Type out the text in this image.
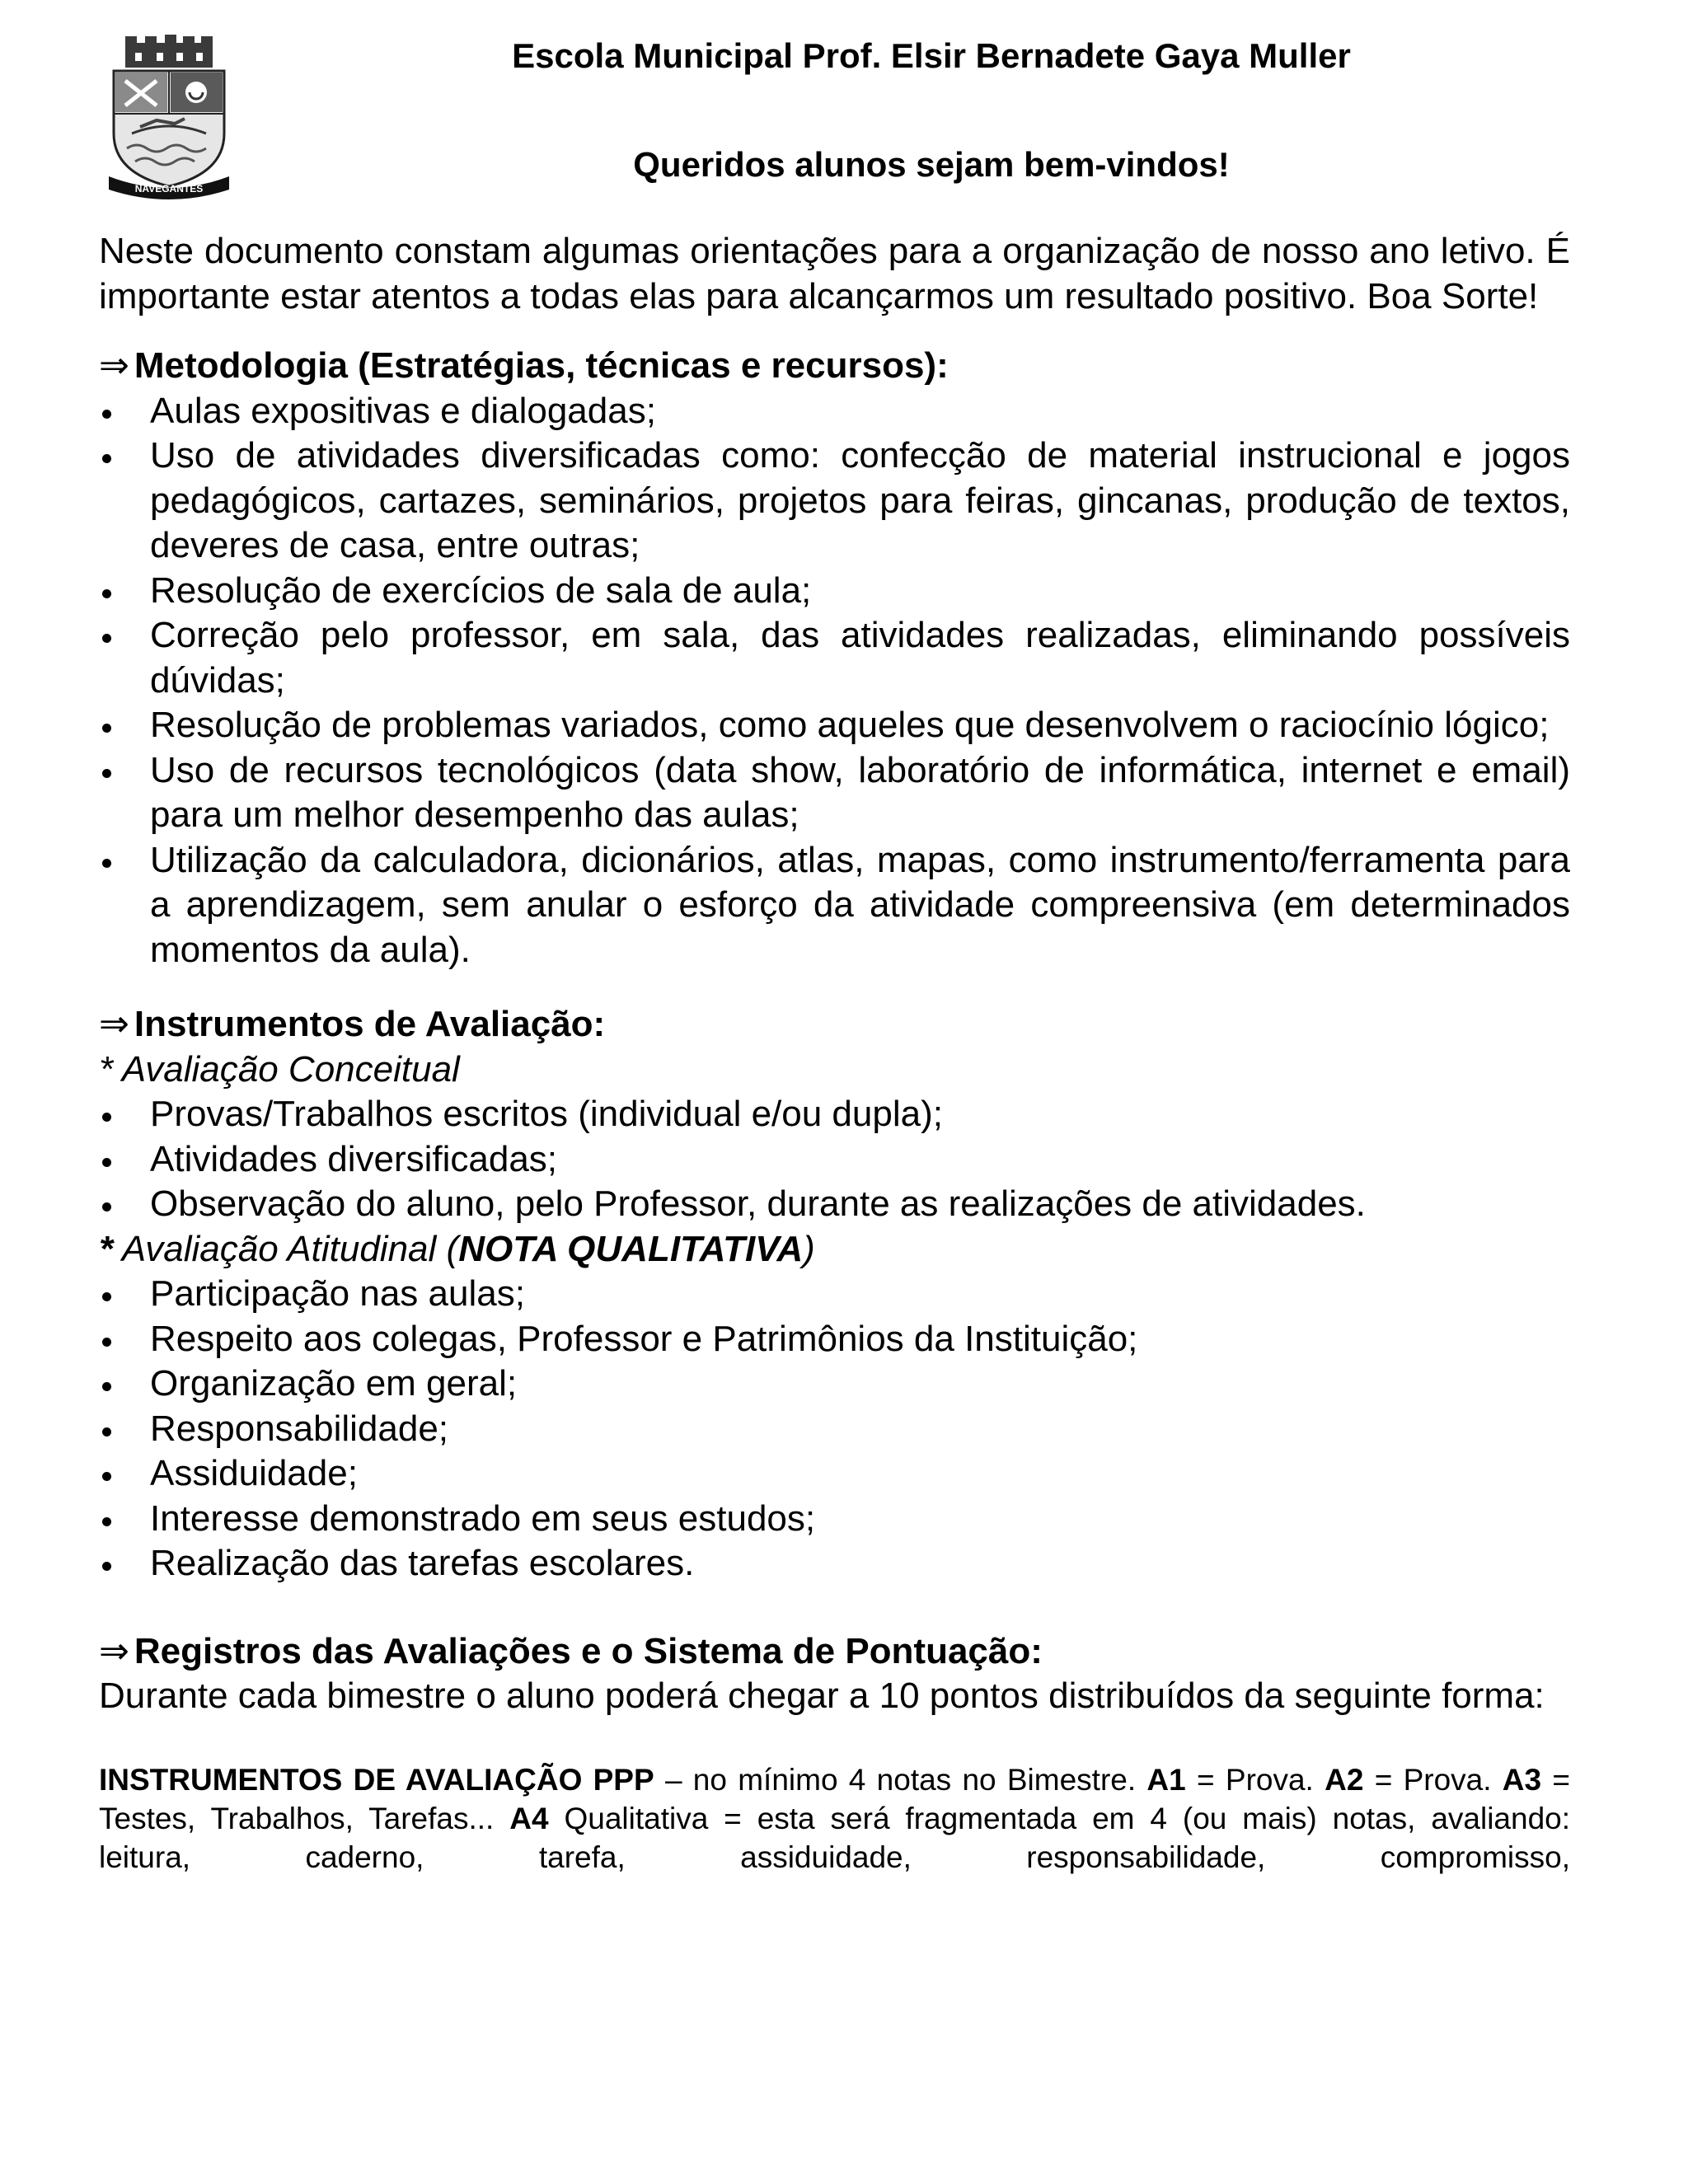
NAVEGANTES
Escola Municipal Prof. Elsir Bernadete Gaya Muller
Queridos alunos sejam bem-vindos!

Neste documento constam algumas orientações para a organização de nosso ano letivo. É importante estar atentos a todas elas para alcançarmos um resultado positivo. Boa Sorte!

⇒ Metodologia (Estratégias, técnicas e recursos):
Aulas expositivas e dialogadas;
Uso de atividades diversificadas como: confecção de material instrucional e jogos pedagógicos, cartazes, seminários, projetos para feiras, gincanas, produção de textos, deveres de casa, entre outras;
Resolução de exercícios de sala de aula;
Correção pelo professor, em sala, das atividades realizadas, eliminando possíveis dúvidas;
Resolução de problemas variados, como aqueles que desenvolvem o raciocínio lógico;
Uso de recursos tecnológicos (data show, laboratório de informática, internet e email) para um melhor desempenho das aulas;
Utilização da calculadora, dicionários, atlas, mapas, como instrumento/ferramenta para a aprendizagem, sem anular o esforço da atividade compreensiva (em determinados momentos da aula).
⇒ Instrumentos de Avaliação:
* Avaliação Conceitual
Provas/Trabalhos escritos (individual e/ou dupla);
Atividades diversificadas;
Observação do aluno, pelo Professor, durante as realizações de atividades.
* Avaliação Atitudinal (NOTA QUALITATIVA)
Participação nas aulas;
Respeito aos colegas, Professor e Patrimônios da Instituição;
Organização em geral;
Responsabilidade;
Assiduidade;
Interesse demonstrado em seus estudos;
Realização das tarefas escolares.
⇒ Registros das Avaliações e o Sistema de Pontuação:

Durante cada bimestre o aluno poderá chegar a 10 pontos distribuídos da seguinte forma:

INSTRUMENTOS DE AVALIAÇÃO PPP – no mínimo 4 notas no Bimestre. A1 = Prova. A2 = Prova. A3 = Testes, Trabalhos, Tarefas... A4 Qualitativa = esta será fragmentada em 4 (ou mais) notas, avaliando: leitura, caderno, tarefa, assiduidade, responsabilidade, compromisso,
